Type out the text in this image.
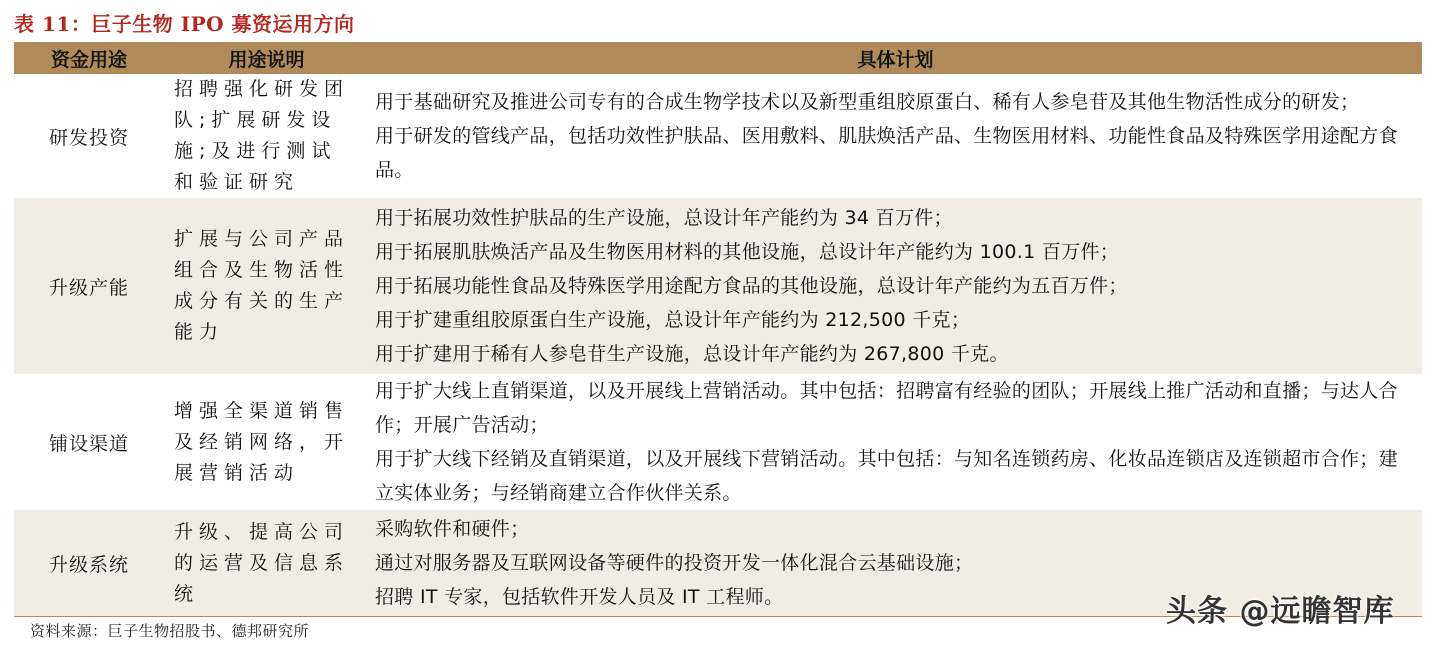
表 11：巨子生物 IPO 募资运用方向
资金用途	用途说明	具体计划
研发投资	招聘强化研发团队;扩展研发设施;及进行测试和验证研究	用于基础研究及推进公司专有的合成生物学技术以及新型重组胶原蛋白、稀有人参皂苷及其他生物活性成分的研发；
用于研发的管线产品，包括功效性护肤品、医用敷料、肌肤焕活产品、生物医用材料、功能性食品及特殊医学用途配方食品。

升级产能	扩展与公司产品组合及生物活性成分有关的生产能力	用于拓展功效性护肤品的生产设施，总设计年产能约为 34 百万件；
用于拓展肌肤焕活产品及生物医用材料的其他设施，总设计年产能约为 100.1 百万件；
用于拓展功能性食品及特殊医学用途配方食品的其他设施，总设计年产能约为五百万件；
用于扩建重组胶原蛋白生产设施，总设计年产能约为 212,500 千克；
用于扩建用于稀有人参皂苷生产设施，总设计年产能约为 267,800 千克。

铺设渠道	增强全渠道销售及经销网络，开展营销活动	用于扩大线上直销渠道，以及开展线上营销活动。其中包括：招聘富有经验的团队；开展线上推广活动和直播；与达人合作；开展广告活动；
用于扩大线下经销及直销渠道，以及开展线下营销活动。其中包括：与知名连锁药房、化妆品连锁店及连锁超市合作；建立实体业务；与经销商建立合作伙伴关系。

升级系统	升级、提高公司的运营及信息系统	采购软件和硬件；
通过对服务器及互联网设备等硬件的投资开发一体化混合云基础设施；
招聘 IT 专家，包括软件开发人员及 IT 工程师。
资料来源：巨子生物招股书、德邦研究所
头条 @远瞻智库
